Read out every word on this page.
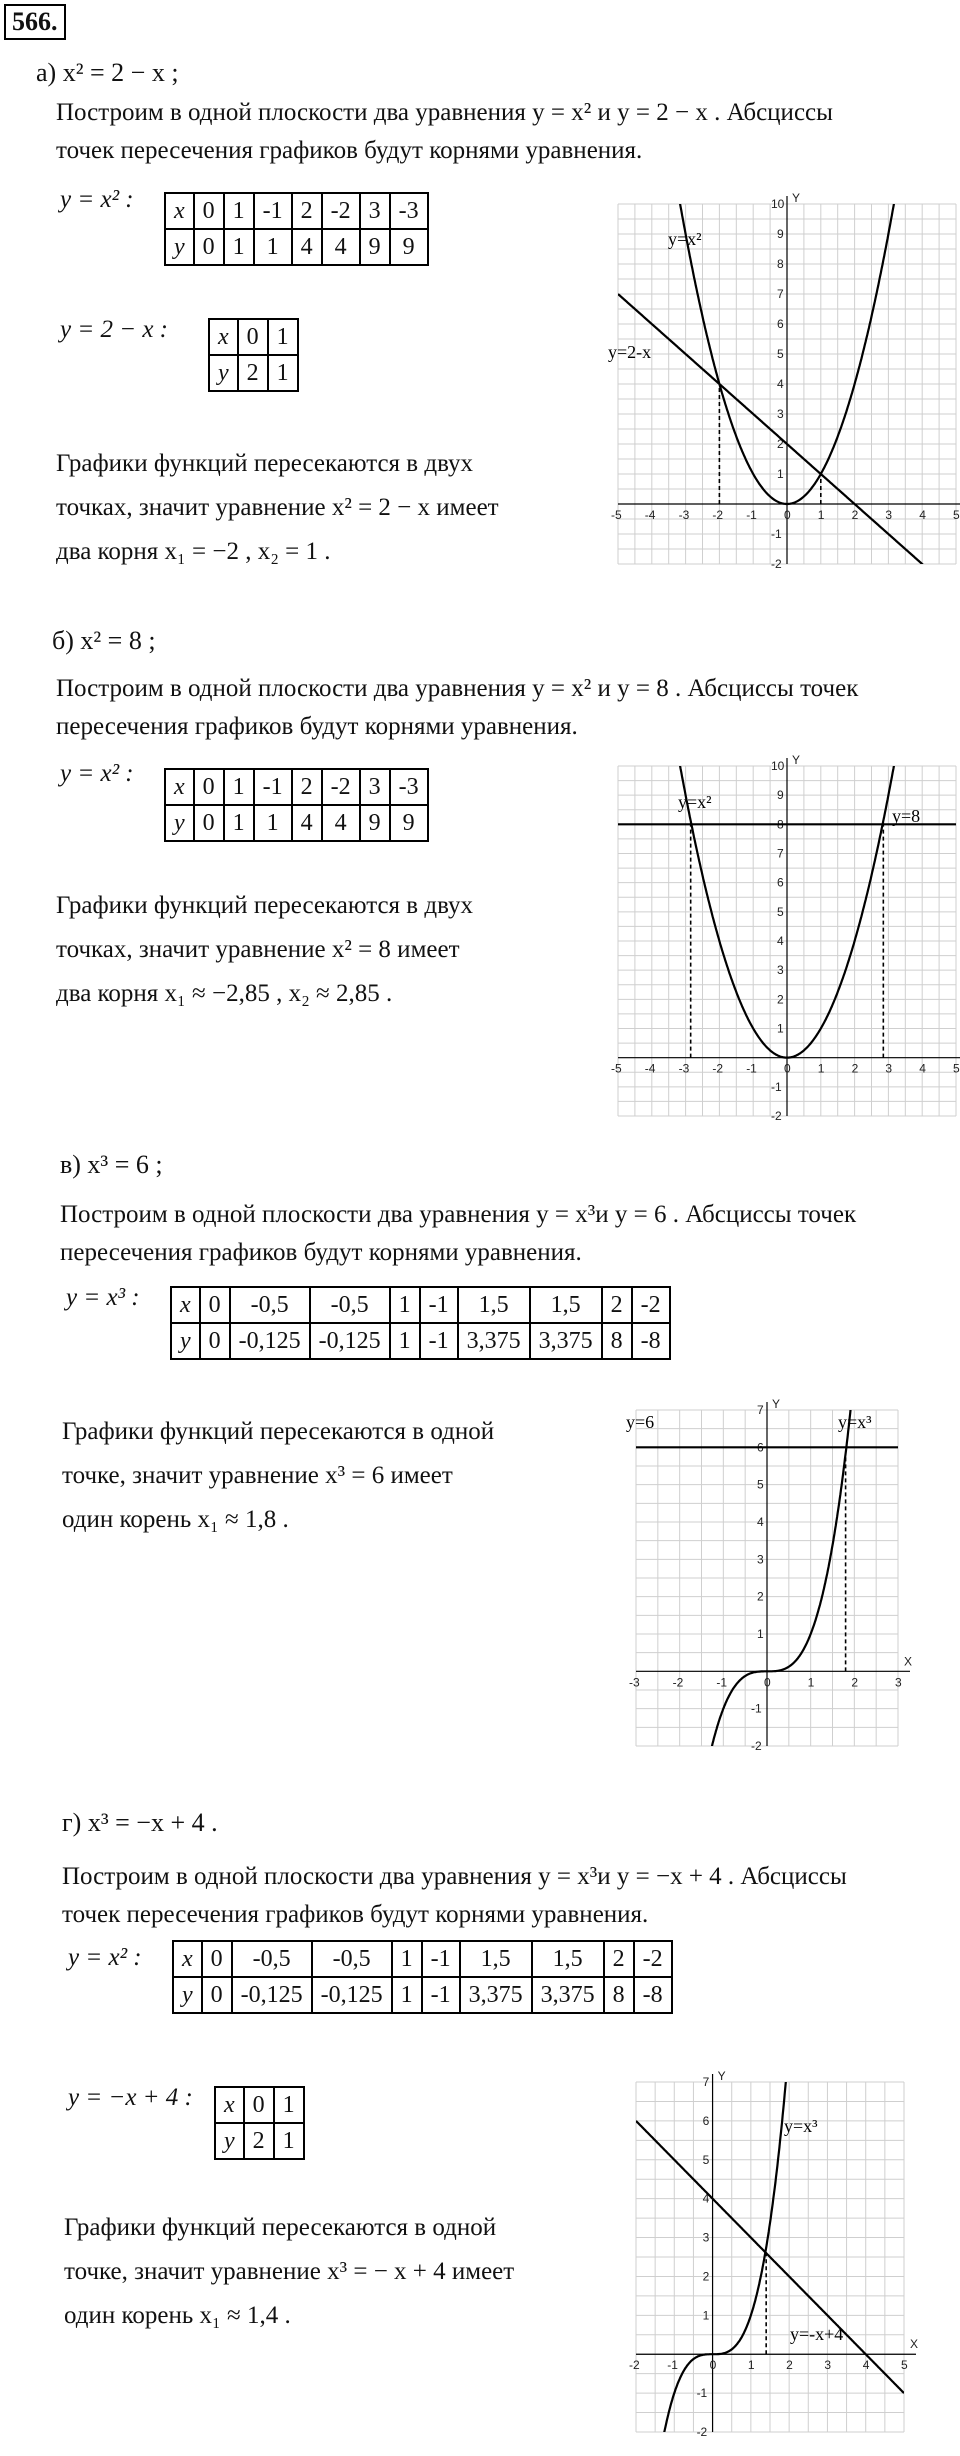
566.
а) x² = 2 − x ;
Построим в одной плоскости два уравнения y = x² и y = 2 − x . Абсциссы
точек пересечения графиков будут корнями уравнения.
y = x² : x	0	1	-1	2	-2	3	-3
y	0	1	1	4	4	9	9
y = 2 − x : x	0	1
y	2	1
Графики функций пересекаются в двух
точках, значит уравнение x² = 2 − x имеет
два корня x₁ = −2 , x₂ = 1 .
Y
-5 -4 -3 -2 -1 0 1 2 3 4 5
-2
-1
1
2
3
4
5
6
7
8
9
10
y=x²
y=2-x
б) x² = 8 ;
Построим в одной плоскости два уравнения y = x² и y = 8 . Абсциссы точек
пересечения графиков будут корнями уравнения.
y = x² : x	0	1	-1	2	-2	3	-3
y	0	1	1	4	4	9	9
Графики функций пересекаются в двух
точках, значит уравнение x² = 8 имеет
два корня x₁ ≈ −2,85 , x₂ ≈ 2,85 .
Y
-5 -4 -3 -2 -1 0 1 2 3 4 5
-2
-1
1
2
3
4
5
6
7
8
9
10
y=x²
y=8
в) x³ = 6 ;
Построим в одной плоскости два уравнения y = x³и y = 6 . Абсциссы точек
пересечения графиков будут корнями уравнения.
y = x³ : x	0	-0,5	-0,5	1	-1	1,5	1,5	2	-2
y	0	-0,125	-0,125	1	-1	3,375	3,375	8	-8
Графики функций пересекаются в одной
точке, значит уравнение x³ = 6 имеет
один корень x₁ ≈ 1,8 .
X
Y
-3	-2	-1	0	1	2	3
-2
-1
1
2
3
4
5
6
7
y=6	y=x³
г) x³ = −x + 4 .
Построим в одной плоскости два уравнения y = x³и y = −x + 4 . Абсциссы
точек пересечения графиков будут корнями уравнения.
y = x² : x	0	-0,5	-0,5	1	-1	1,5	1,5	2	-2
y	0	-0,125	-0,125	1	-1	3,375	3,375	8	-8
y = −x + 4 : x	0	1
y	2	1
Графики функций пересекаются в одной
точке, значит уравнение x³ = − x + 4 имеет
один корень x₁ ≈ 1,4 .
X
Y
-2 -1	0	1	2	3	4	5
-2
-1
1
2
3
4
5
6
7
y=x³
y=-x+4
